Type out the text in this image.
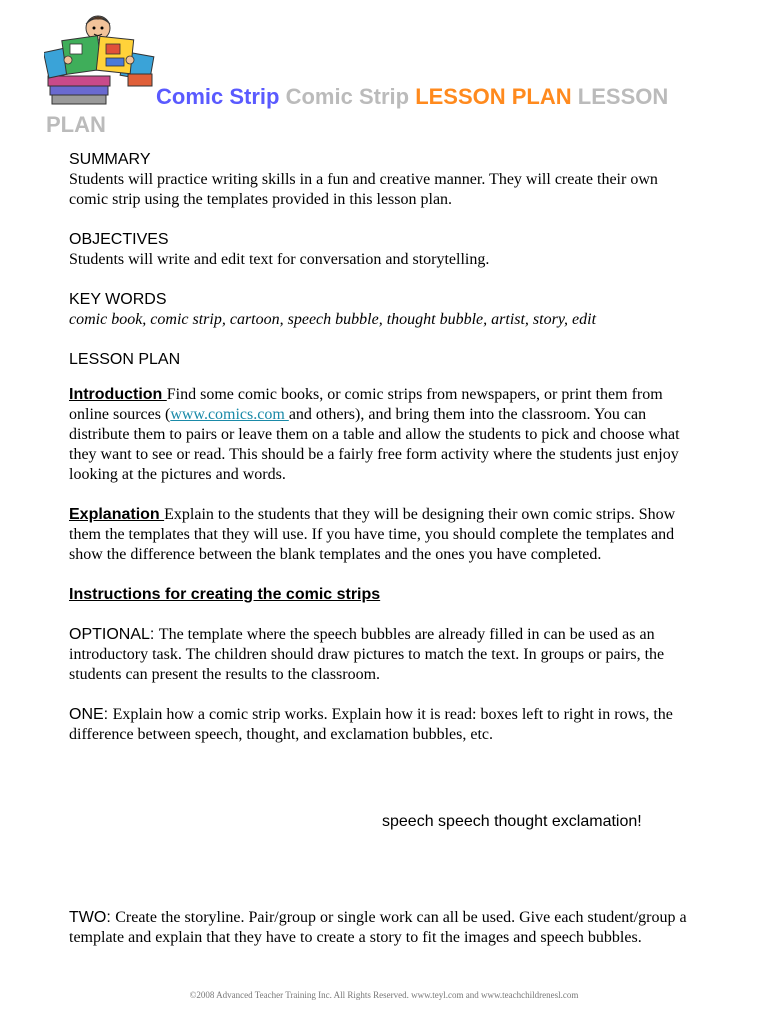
Comic Strip Comic Strip LESSON PLAN LESSON
PLAN

SUMMARY

Students will practice writing skills in a fun and creative manner. They will create their own comic strip using the templates provided in this lesson plan.

OBJECTIVES

Students will write and edit text for conversation and storytelling.

KEY WORDS

comic book, comic strip, cartoon, speech bubble, thought bubble, artist, story, edit

LESSON PLAN

Introduction Find some comic books, or comic strips from newspapers, or print them from online sources (www.comics.com and others), and bring them into the classroom. You can distribute them to pairs or leave them on a table and allow the students to pick and choose what they want to see or read. This should be a fairly free form activity where the students just enjoy looking at the pictures and words.

Explanation Explain to the students that they will be designing their own comic strips. Show them the templates that they will use. If you have time, you should complete the templates and show the difference between the blank templates and the ones you have completed.

Instructions for creating the comic strips

OPTIONAL: The template where the speech bubbles are already filled in can be used as an introductory task. The children should draw pictures to match the text. In groups or pairs, the students can present the results to the classroom.

ONE: Explain how a comic strip works. Explain how it is read: boxes left to right in rows, the difference between speech, thought, and exclamation bubbles, etc.

speech speech thought exclamation!

TWO: Create the storyline. Pair/group or single work can all be used. Give each student/group a template and explain that they have to create a story to fit the images and speech bubbles.

©2008 Advanced Teacher Training Inc. All Rights Reserved. www.teyl.com and www.teachchildrenesl.com
